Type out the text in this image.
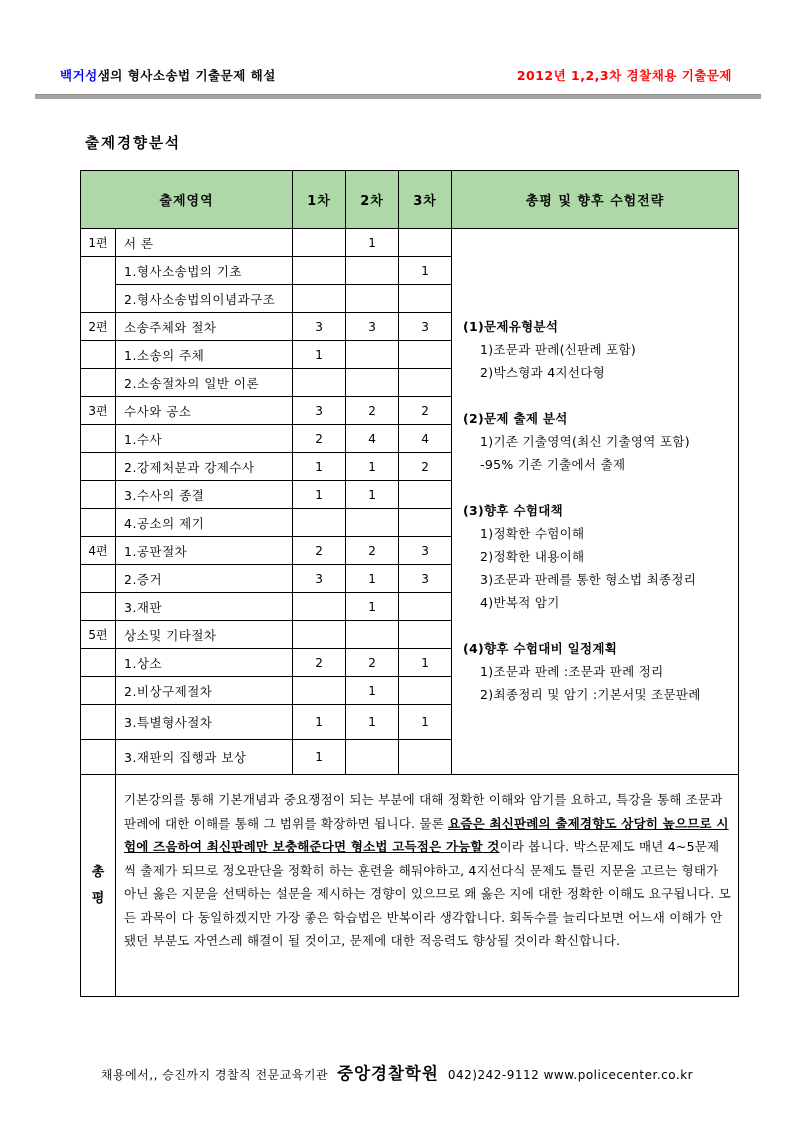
백거성 샘의 형사소송법 기출문제 해설	2012년 1,2,3차 경찰채용 기출문제
출제경향분석
출제영역		1차	2차	3차	총평 및 향후 수험전략
1편	서 론		1		
(1)문제유형분석
1)조문과 판례(신판례 포함)
2)박스형과 4지선다형
(2)문제 출제 분석
1)기존 기출영역(최신 기출영역 포함)
-95% 기존 기출에서 출제
(3)향후 수험대책
1)정확한 수험이해
2)정확한 내용이해
3)조문과 판례를 통한 형소법 최종정리
4)반복적 암기
(4)향후 수험대비 일정계획
1)조문과 판례 :조문과 판례 정리
2)최종정리 및 암기 :기본서및 조문판례

	1.형사소송법의 기초			1	
	2.형사소송법의이념과구조				
2편	소송주체와 절차	3	3	3	
	1.소송의 주체	1			
	2.소송절차의 일반 이론				
3편	수사와 공소	3	2	2	
	1.수사	2	4	4	
	2.강제처분과 강제수사	1	1	2	
	3.수사의 종결	1	1		
	4.공소의 제기				
4편	1.공판절차	2	2	3	
	2.증거	3	1	3	
	3.재판		1		
5편	상소및 기타절차				
	1.상소	2	2	1	
	2.비상구제절차		1		
	3.특별형사절차	1	1	1	
	3.재판의 집행과 보상	1			

총평	기본강의를 통해 기본개념과 중요쟁점이 되는 부분에 대해 정확한 이해와 암기를 요하고, 특강을 통해 조문과 판례에 대한 이해를 통해 그 범위를 확장하면 됩니다. 물론 요즘은 최신판례의 출제경향도 상당히 높으므로 시험에 즈음하여 최신판례만 보충해준다면 형소법 고득점은 가능할 것이라 봅니다. 박스문제도 매년 4~5문제씩 출제가 되므로 정오판단을 정확히 하는 훈련을 해둬야하고, 4지선다식 문제도 틀린 지문을 고르는 형태가 아닌 옳은 지문을 선택하는 설문을 제시하는 경향이 있으므로 왜 옳은 지에 대한 정확한 이해도 요구됩니다. 모든 과목이 다 동일하겠지만 가장 좋은 학습법은 반복이라 생각합니다. 회독수를 늘리다보면 어느새 이해가 안됐던 부분도 자연스레 해결이 될 것이고, 문제에 대한 적응력도 향상될 것이라 확신합니다.				
채용에서,, 승진까지 경찰직 전문교육기관 중앙경찰학원 042)242-9112 www.policecenter.co.kr
